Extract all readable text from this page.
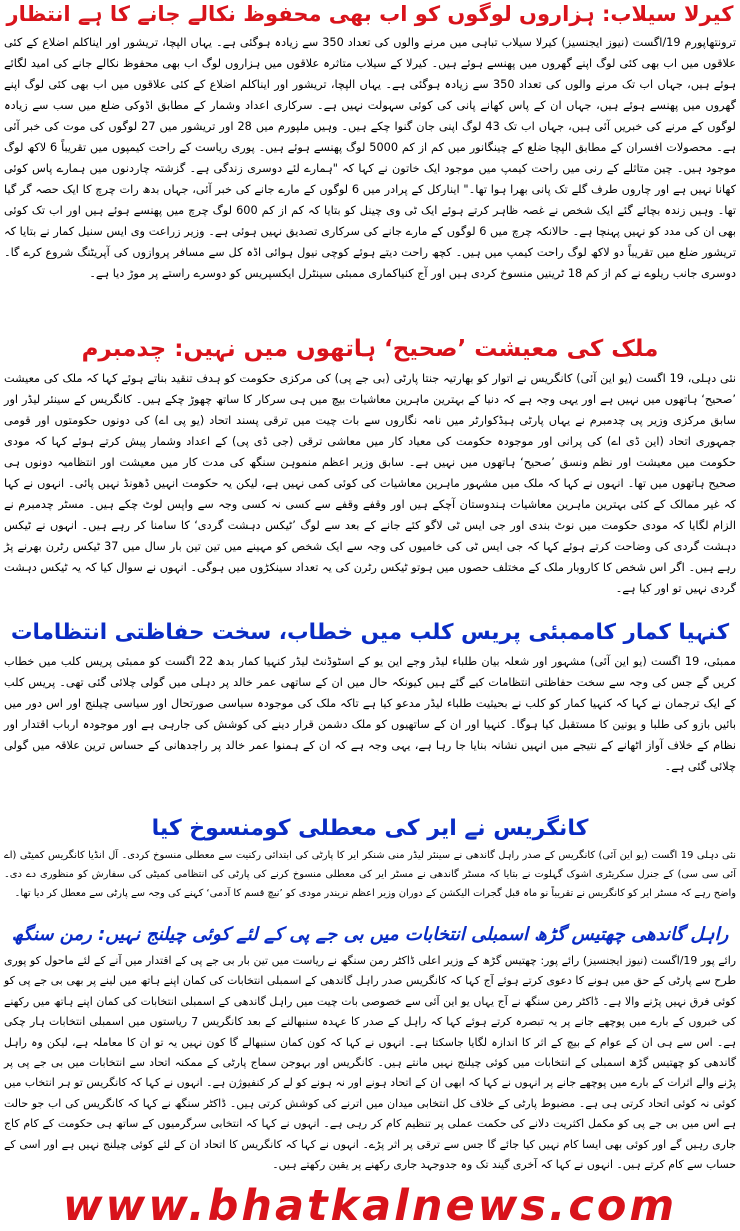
کیرلا سیلاب: ہزاروں لوگوں کو اب بھی محفوظ نکالے جانے کا ہے انتظار
ترونتھاپورم 19/اگست (نیوز ایجنسیز) کیرلا سیلاب تباہی میں مرنے والوں کی تعداد 350 سے زیادہ ہوگئی ہے۔ یہاں الپچا، تریشور اور ایناکلم اضلاع کے کئی علاقوں میں اب بھی کئی لوگ اپنے گھروں میں پھنسے ہوئے ہیں۔ کیرلا کے سیلاب متاثرہ علاقوں میں ہزاروں لوگ اب بھی محفوظ نکالے جانے کی امید لگائے ہوئے ہیں، جہاں اب تک مرنے والوں کی تعداد 350 سے زیادہ ہوگئی ہے۔ یہاں الپچا، تریشور اور ایناکلم اضلاع کے کئی علاقوں میں اب بھی کئی لوگ اپنے گھروں میں پھنسے ہوئے ہیں، جہاں ان کے پاس کھانے پانی کی کوئی سہولت نہیں ہے۔ سرکاری اعداد وشمار کے مطابق اڈوکی ضلع میں سب سے زیادہ لوگوں کے مرنے کی خبریں آئی ہیں، جہاں اب تک 43 لوگ اپنی جان گنوا چکے ہیں۔ وہیں ملپورم میں 28 اور تریشور میں 27 لوگوں کی موت کی خبر آئی ہے۔ محصولات افسران کے مطابق الپچا ضلع کے چینگانور میں کم از کم 5000 لوگ پھنسے ہوئے ہیں۔ پوری ریاست کے راحت کیمپوں میں تقریباً 6 لاکھ لوگ موجود ہیں۔ چین متاثلے کے رنی میں راحت کیمپ میں موجود ایک خاتون نے کہا کہ "ہمارے لئے دوسری زندگی ہے۔ گزشتہ چاردنوں میں ہمارے پاس کوئی کھانا نہیں ہے اور چاروں طرف گلے تک پانی بھرا ہوا تھا۔" اینارکل کے پرادر میں 6 لوگوں کے مارے جانے کی خبر آئی، جہاں بدھ رات چرچ کا ایک حصہ گر گیا تھا۔ وہیں زندہ بچائے گئے ایک شخص نے غصہ ظاہر کرتے ہوئے ایک ٹی وی چینل کو بتایا کہ کم از کم 600 لوگ چرچ میں پھنسے ہوئے ہیں اور اب تک کوئی بھی ان کی مدد کو نہیں پہنچا ہے۔ حالانکہ چرچ میں 6 لوگوں کے مارے جانے کی سرکاری تصدیق نہیں ہوئی ہے۔ وزیر زراعت وی ایس سنیل کمار نے بتایا کہ تریشور ضلع میں تقریباً دو لاکھ لوگ راحت کیمپ میں ہیں۔ کچھ راحت دیتے ہوئے کوچی نیول ہوائی اڈہ کل سے مسافر پروازوں کی آپریٹنگ شروع کرے گا۔ دوسری جانب ریلوے نے کم از کم 18 ٹرینیں منسوخ کردی ہیں اور آج کنیاکماری ممبئی سینٹرل ایکسپریس کو دوسرے راستے پر موڑ دیا ہے۔
ملک کی معیشت ’صحیح‘ ہاتھوں میں نہیں: چدمبرم
نئی دہلی، 19 اگست (یو این آئی) کانگریس نے اتوار کو بھارتیہ جنتا پارٹی (بی جے پی) کی مرکزی حکومت کو ہدف تنقید بناتے ہوئے کہا کہ ملک کی معیشت ’صحیح‘ ہاتھوں میں نہیں ہے اور یہی وجہ ہے کہ دنیا کے بہترین ماہرین معاشیات بیچ میں ہی سرکار کا ساتھ چھوڑ چکے ہیں۔ کانگریس کے سینئر لیڈر اور سابق مرکزی وزیر پی چدمبرم نے یہاں پارٹی ہیڈکوارٹر میں نامہ نگاروں سے بات چیت میں ترقی پسند اتحاد (یو پی اے) کی دونوں حکومتوں اور قومی جمہوری اتحاد (این ڈی اے) کی پرانی اور موجودہ حکومت کی معیاد کار میں معاشی ترقی (جی ڈی پی) کے اعداد وشمار پیش کرتے ہوئے کہا کہ مودی حکومت میں معیشت اور نظم ونسق ’صحیح‘ ہاتھوں میں نہیں ہے۔ سابق وزیر اعظم منموہن سنگھ کی مدت کار میں معیشت اور انتظامیہ دونوں ہی صحیح ہاتھوں میں تھا۔ انہوں نے کہا کہ ملک میں مشہور ماہرین معاشیات کی کوئی کمی نہیں ہے، لیکن یہ حکومت انہیں ڈھونڈ نہیں پائی۔ انہوں نے کہا کہ غیر ممالک کے کئی بہترین ماہرین معاشیات ہندوستان آچکے ہیں اور وقفے وقفے سے کسی نہ کسی وجہ سے واپس لوٹ چکے ہیں۔ مسٹر چدمبرم نے الزام لگایا کہ مودی حکومت میں نوٹ بندی اور جی ایس ٹی لاگو کئے جانے کے بعد سے لوگ ’ٹیکس دہشت گردی‘ کا سامنا کر رہے ہیں۔ انہوں نے ٹیکس دہشت گردی کی وضاحت کرتے ہوئے کہا کہ جی ایس ٹی کی خامیوں کی وجہ سے ایک شخص کو مہینے میں تین تین بار سال میں 37 ٹیکس رٹرن بھرنے پڑ رہے ہیں۔ اگر اس شخص کا کاروبار ملک کے مختلف حصوں میں ہوتو ٹیکس رٹرن کی یہ تعداد سینکڑوں میں ہوگی۔ انہوں نے سوال کیا کہ یہ ٹیکس دہشت گردی نہیں تو اور کیا ہے۔
کنہیا کمار کاممبئی پریس کلب میں خطاب، سخت حفاظتی انتظامات
ممبئی، 19 اگست (یو این آئی) مشہور اور شعلہ بیان طلباء لیڈر وجے این یو کے اسٹوڈنٹ لیڈر کنہیا کمار بدھ 22 اگست کو ممبئی پریس کلب میں خطاب کریں گے جس کی وجہ سے سخت حفاظتی انتظامات کیے گئے ہیں کیونکہ حال میں ان کے ساتھی عمر خالد پر دہلی میں گولی چلائی گئی تھی۔ پریس کلب کے ایک ترجمان نے کہا کہ کنہیا کمار کو کلب نے بحیثیت طلباء لیڈر مدعو کیا ہے تاکہ ملک کی موجودہ سیاسی صورتحال اور سیاسی چیلنج اور اس دور میں بائیں بازو کی طلبا و یونین کا مستقبل کیا ہوگا۔ کنہیا اور ان کے ساتھیوں کو ملک دشمن قرار دینے کی کوشش کی جارہی ہے اور موجودہ ارباب اقتدار اور نظام کے خلاف آواز اٹھانے کے نتیجے میں انہیں نشانہ بنایا جا رہا ہے، یہی وجہ ہے کہ ان کے ہمنوا عمر خالد پر راجدھانی کے حساس ترین علاقہ میں گولی چلائی گئی ہے۔
کانگریس نے ایر کی معطلی کومنسوخ کیا
نئی دہلی 19 اگست (یو این آئی) کانگریس کے صدر راہل گاندھی نے سینئر لیڈر منی شنکر ایر کا پارٹی کی ابتدائی رکنیت سے معطلی منسوخ کردی۔ آل انڈیا کانگریس کمیٹی (اے آئی سی سی) کے جنرل سکریٹری اشوک گہلوت نے بتایا کہ مسٹر گاندھی نے مسٹر ایر کی معطلی منسوخ کرنے کی پارٹی کی انتظامی کمیٹی کی سفارش کو منظوری دے دی۔ واضح رہے کہ مسٹر ایر کو کانگریس نے تقریباً نو ماہ قبل گجرات الیکشن کے دوران وزیر اعظم نریندر مودی کو ’نیچ قسم کا آدمی‘ کہنے کی وجہ سے پارٹی سے معطل کر دیا تھا۔
راہل گاندھی چھتیس گڑھ اسمبلی انتخابات میں بی جے پی کے لئے کوئی چیلنج نہیں: رمن سنگھ
رائے پور 19/اگست (نیوز ایجنسیز) رائے پور: چھتیس گڑھ کے وزیر اعلی ڈاکٹر رمن سنگھ نے ریاست میں تین بار بی جے پی کے اقتدار میں آنے کے لئے ماحول کو پوری طرح سے پارٹی کے حق میں ہونے کا دعوی کرتے ہوئے آج کہا کہ کانگریس صدر راہل گاندھی کے اسمبلی انتخابات کی کمان اپنے ہاتھ میں لینے پر بھی بی جے پی کو کوئی فرق نہیں پڑنے والا ہے۔ ڈاکٹر رمن سنگھ نے آج یہاں یو این آئی سے خصوصی بات چیت میں راہل گاندھی کے اسمبلی انتخابات کی کمان اپنے ہاتھ میں رکھنے کی خبروں کے بارے میں پوچھے جانے پر یہ تبصرہ کرتے ہوئے کہا کہ راہل کے صدر کا عہدہ سنبھالنے کے بعد کانگریس 7 ریاستوں میں اسمبلی انتخابات ہار چکی ہے۔ اس سے ہی ان کے عوام کے بیچ کے اثر کا اندازہ لگایا جاسکتا ہے۔ انہوں نے کہا کہ کون کمان سنبھالے گا کون نہیں یہ تو ان کا معاملہ ہے، لیکن وہ راہل گاندھی کو چھتیس گڑھ اسمبلی کے انتخابات میں کوئی چیلنج نہیں مانتے ہیں۔ کانگریس اور بہوجن سماج پارٹی کے ممکنہ اتحاد سے انتخابات میں بی جے پی پر پڑنے والے اثرات کے بارے میں پوچھے جانے پر انہوں نے کہا کہ ابھی ان کے اتحاد ہونے اور نہ ہونے کو لے کر کنفیوژن ہے۔ انہوں نے کہا کہ کانگریس تو ہر انتخاب میں کوئی نہ کوئی اتحاد کرتی ہی ہے۔ مضبوط پارٹی کے خلاف کل انتخابی میدان میں اترنے کی کوشش کرتی ہیں۔ ڈاکٹر سنگھ نے کہا کہ کانگریس کی اب جو حالت ہے اس میں بی جے پی کو مکمل اکثریت دلانے کی حکمت عملی پر تنظیم کام کر رہی ہے۔ انہوں نے کہا کہ انتخابی سرگرمیوں کے ساتھ ہی حکومت کے کام کاج جاری رہیں گے اور کوئی بھی ایسا کام نہیں کیا جائے گا جس سے ترقی پر اثر پڑے۔ انہوں نے کہا کہ کانگریس کا اتحاد ان کے لئے کوئی چیلنج نہیں ہے اور اسی کے حساب سے کام کرتے ہیں۔ انہوں نے کہا کہ آخری گیند تک وہ جدوجہد جاری رکھنے پر یقین رکھتے ہیں۔
www.bhatkalnews.com
